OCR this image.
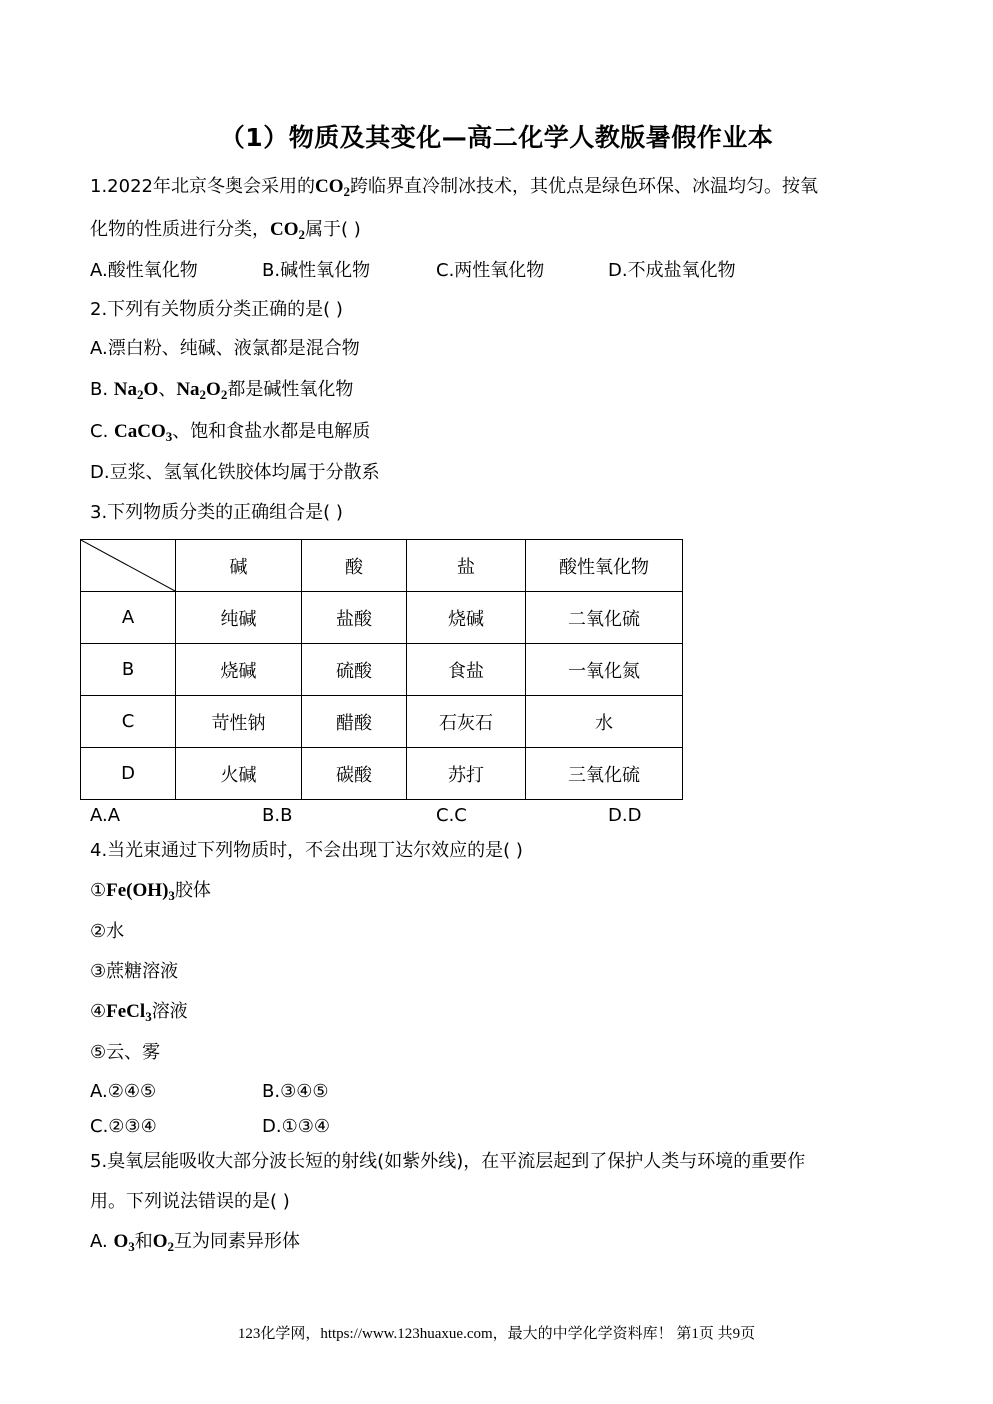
（1）物质及其变化—高二化学人教版暑假作业本
1.2022年北京冬奥会采用的$CO_2$跨临界直冷制冰技术，其优点是绿色环保、冰温均匀。按氧
化物的性质进行分类，$CO_2$属于( )
A.酸性氧化物	B.碱性氧化物	C.两性氧化物	D.不成盐氧化物
2.下列有关物质分类正确的是( )
A.漂白粉、纯碱、液氯都是混合物
B. $Na_2O$、$Na_2O_2$都是碱性氧化物
C. CaCO$_3$、饱和食盐水都是电解质
D.豆浆、氢氧化铁胶体均属于分散系
3.下列物质分类的正确组合是( )
	碱	酸	盐	酸性氧化物
A	纯碱	盐酸	烧碱	二氧化硫
B	烧碱	硫酸	食盐	一氧化氮
C	苛性钠	醋酸	石灰石	水
D	火碱	碳酸	苏打	三氧化硫
A.A	B.B	C.C	D.D
4.当光束通过下列物质时，不会出现丁达尔效应的是( )
$①Fe(OH)_3$胶体
②水
③蔗糖溶液
④FeCl$_3$溶液
⑤云、雾
A.②④⑤	B.③④⑤
C.②③④	D.①③④
5.臭氧层能吸收大部分波长短的射线(如紫外线)，在平流层起到了保护人类与环境的重要作
用。下列说法错误的是( )
A. $O_3$和$O_2$互为同素异形体
123化学网，https://www.123huaxue.com，最大的中学化学资料库！ 第1页 共9页
